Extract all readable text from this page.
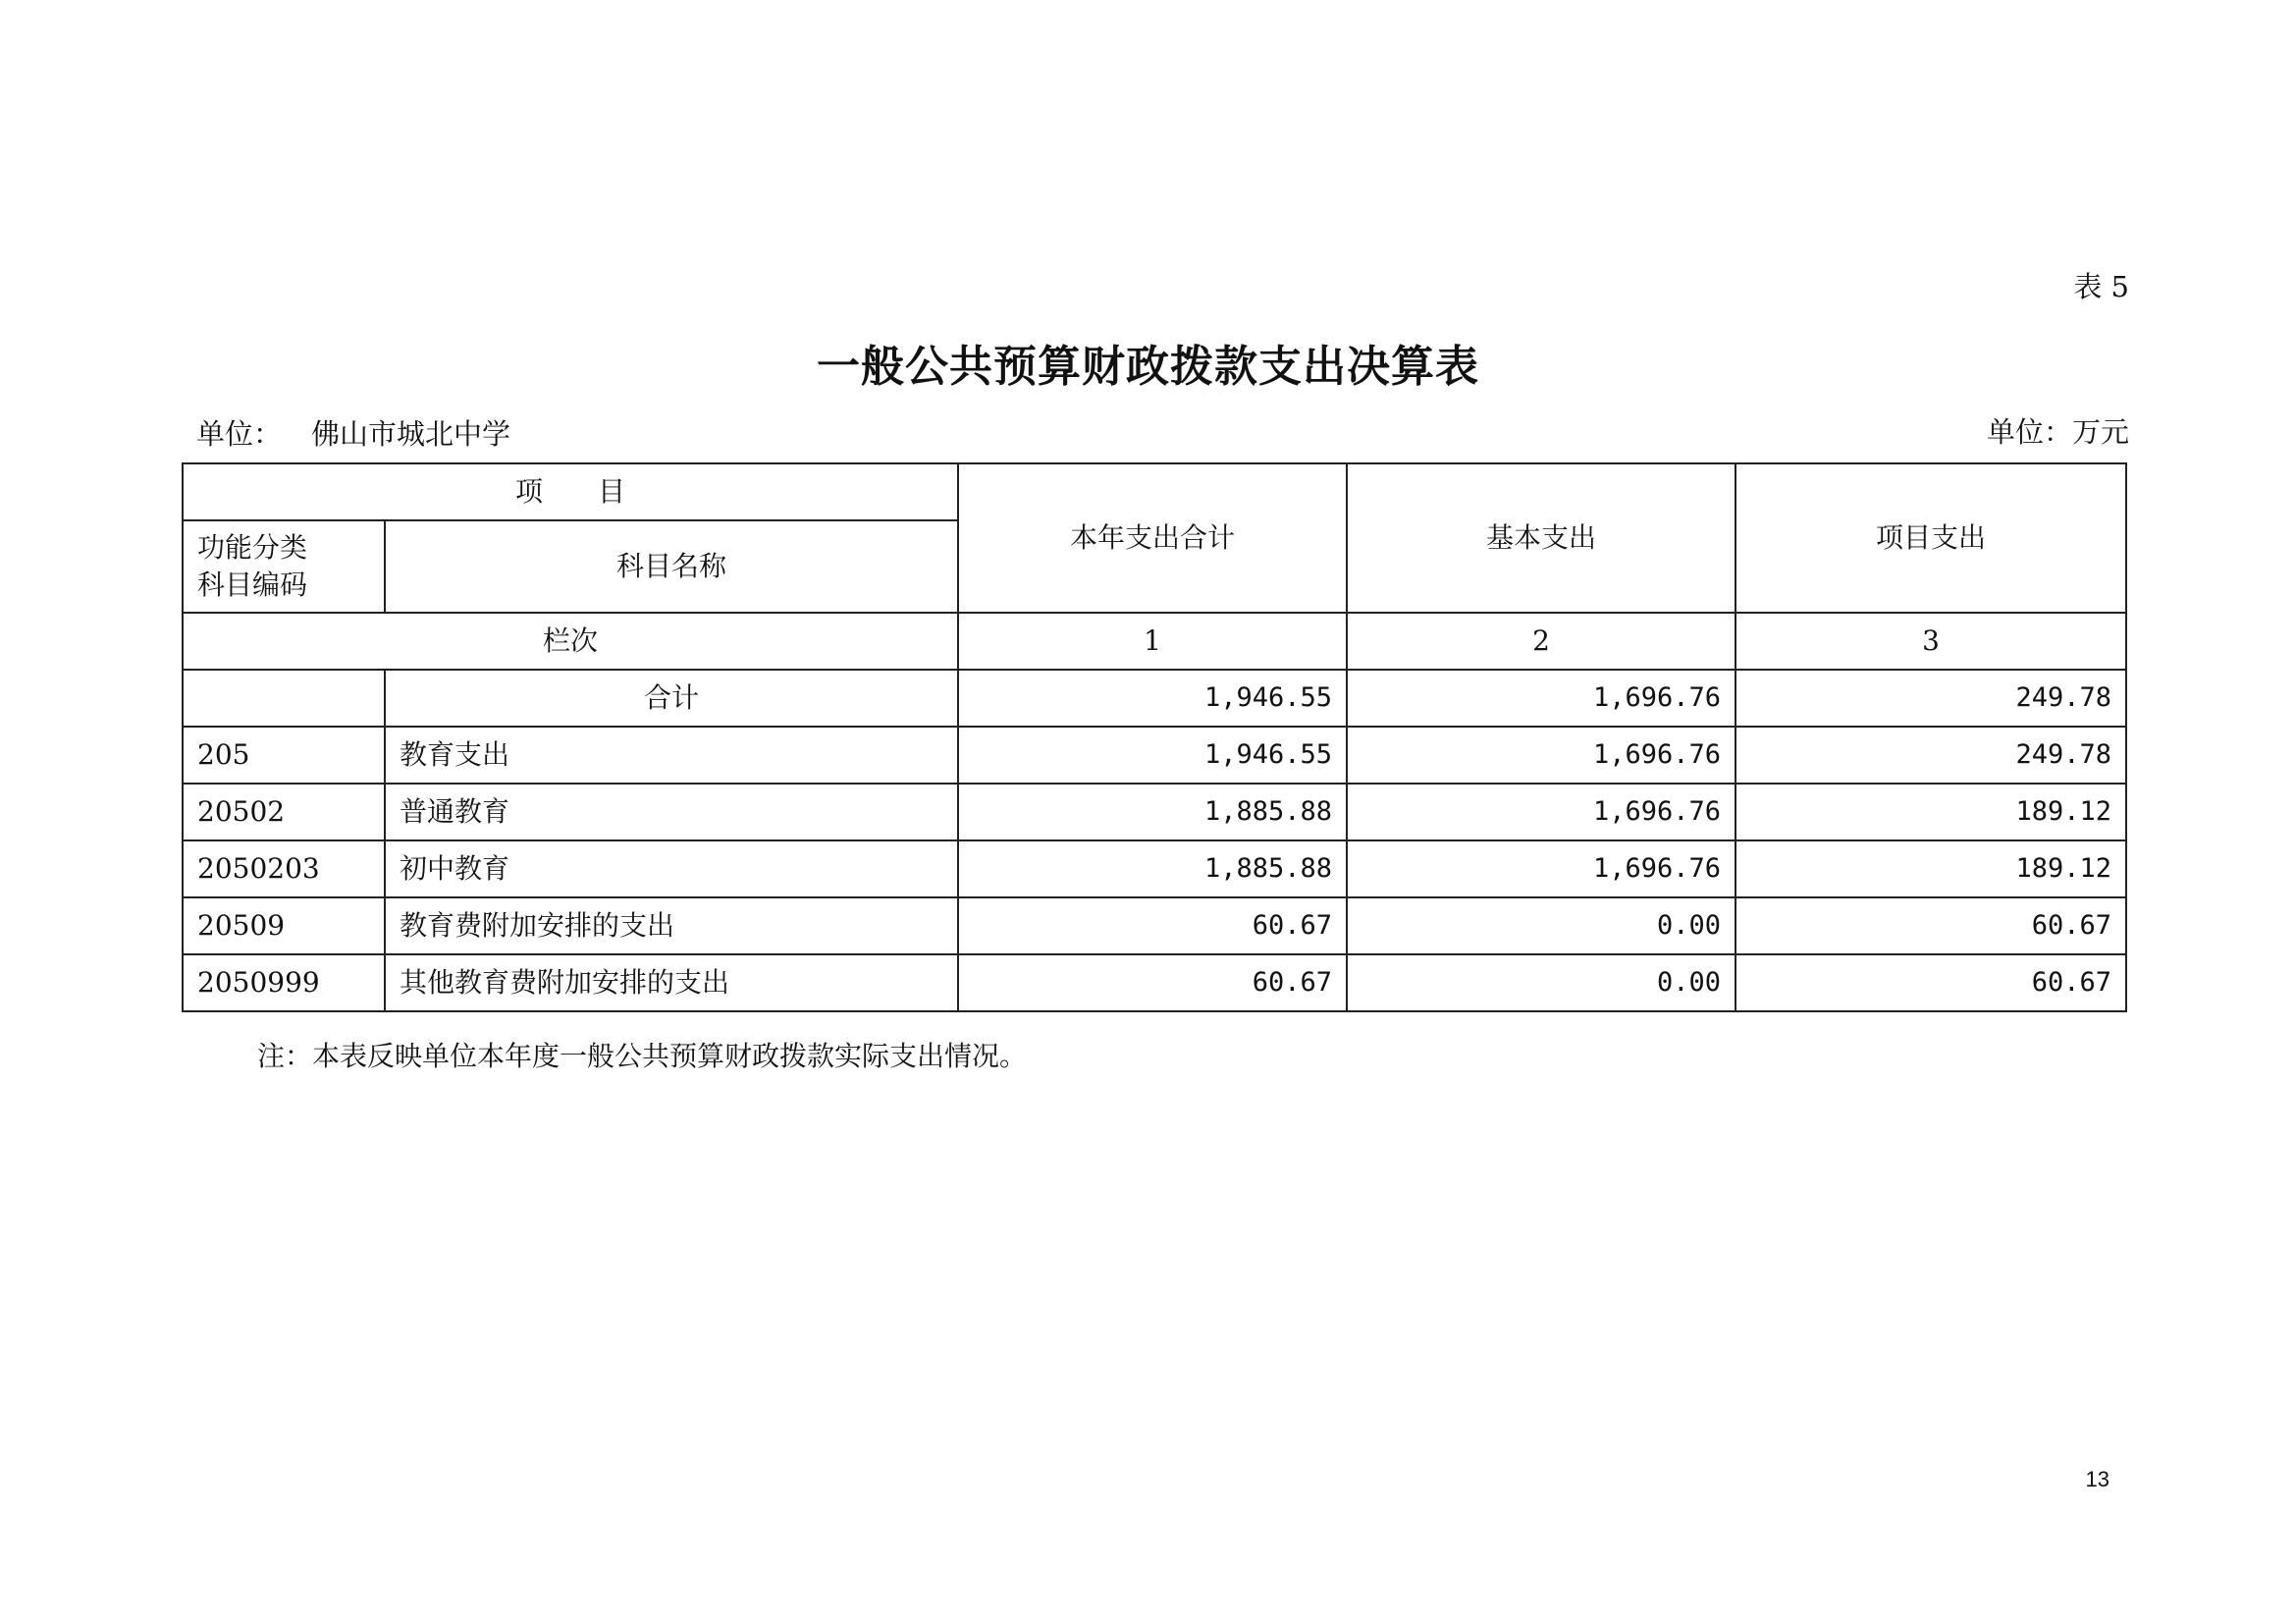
表 5
一般公共预算财政拨款支出决算表
单位： 佛山市城北中学	单位：万元
项　　目		本年支出合计	基本支出	项目支出
功能分类
科目编码	科目名称			
栏次		1	2	3
	合计	1,946.55	1,696.76	249.78
205	教育支出	1,946.55	1,696.76	249.78
20502	普通教育	1,885.88	1,696.76	189.12
2050203	初中教育	1,885.88	1,696.76	189.12
20509	教育费附加安排的支出	60.67	0.00	60.67
2050999	其他教育费附加安排的支出	60.67	0.00	60.67
注：本表反映单位本年度一般公共预算财政拨款实际支出情况。
13
